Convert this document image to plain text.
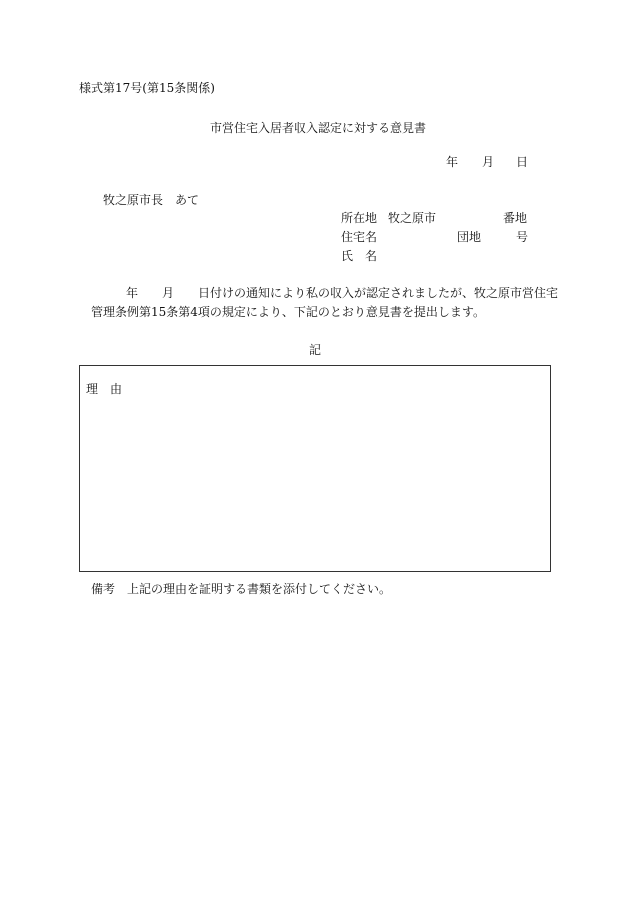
様式第17号(第15条関係)
市営住宅入居者収入認定に対する意見書
年 月 日
牧之原市長　あて
所在地 牧之原市	番地
住宅名	団地	号
氏　名
年 月 日付けの通知により私の収入が認定されましたが、牧之原市営住宅
管理条例第15条第4項の規定により、下記のとおり意見書を提出します。
記
理　由
備考　上記の理由を証明する書類を添付してください。
